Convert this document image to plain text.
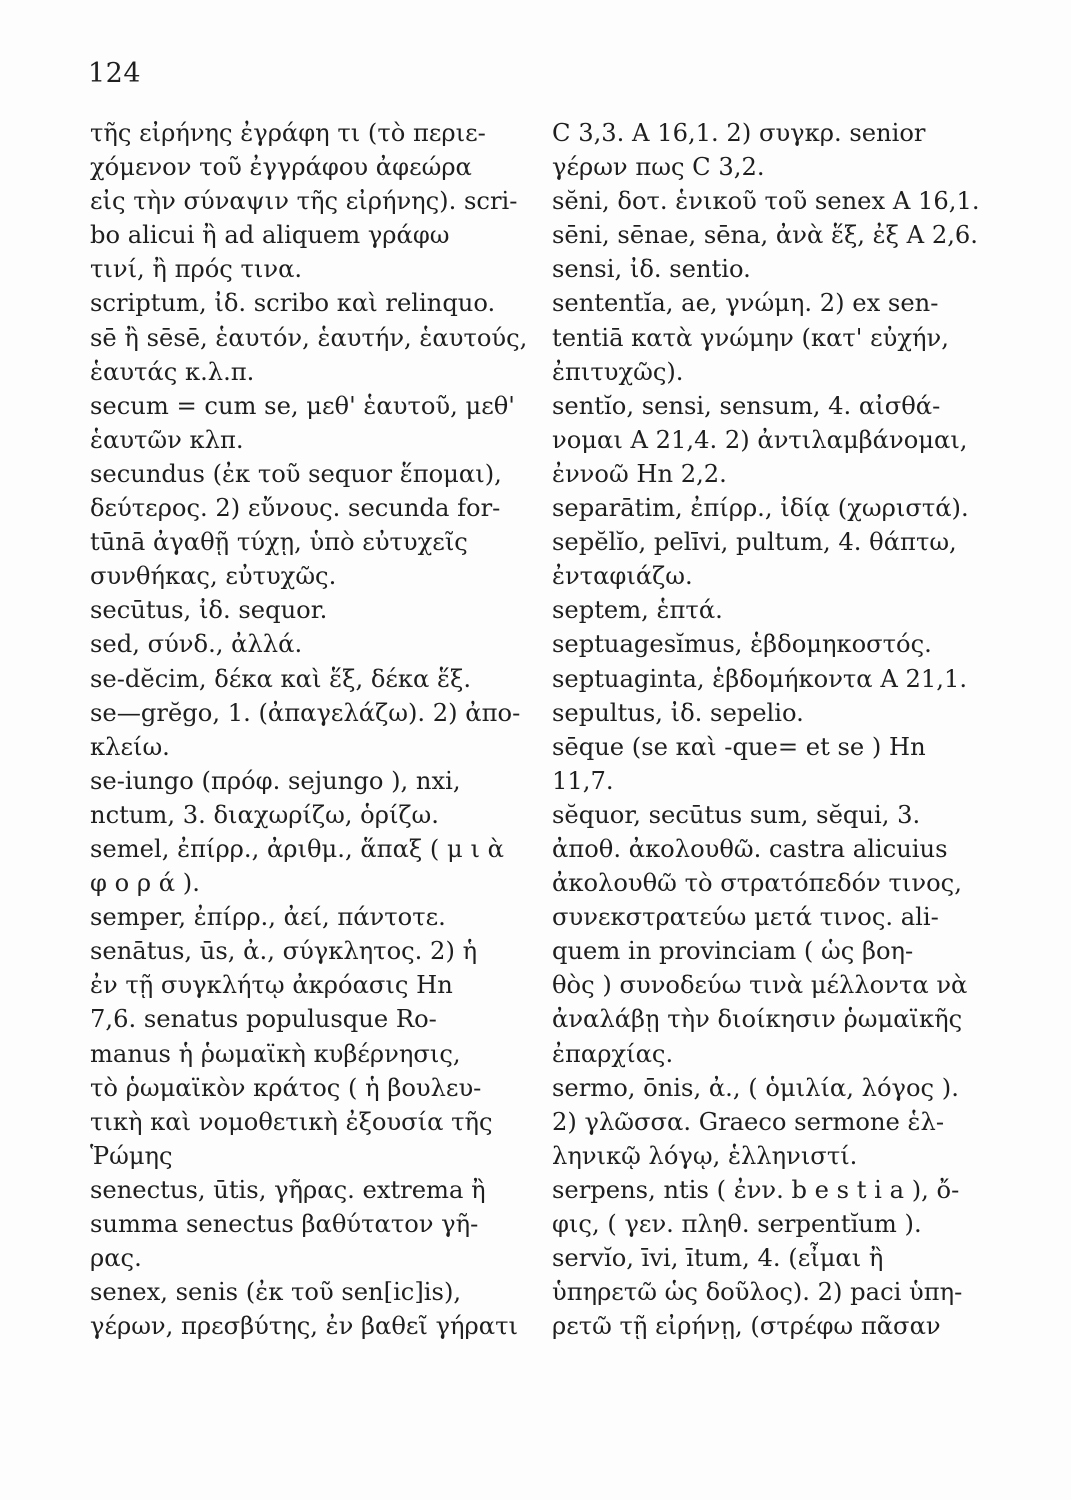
124
τῆς εἰρήνης ἐγράφη τι (τὸ περιε-
χόμενον τοῦ ἐγγράφου ἀφεώρα
εἰς τὴν σύναψιν τῆς εἰρήνης). scri-
bo alicui ἢ ad aliquem γράφω
τινί, ἢ πρός τινα.
scriptum, ἰδ. scribo καὶ relinquo.
sē ἢ sēsē, ἑαυτόν, ἑαυτήν, ἑαυτούς,
ἑαυτάς κ.λ.π.
secum = cum se, μεθ' ἑαυτοῦ, μεθ'
ἑαυτῶν κλπ.
secundus (ἐκ τοῦ sequor ἕπομαι),
δεύτερος. 2) εὔνους. secunda for-
tūnā ἀγαθῇ τύχῃ, ὑπὸ εὐτυχεῖς
συνθήκας, εὐτυχῶς.
secūtus, ἰδ. sequor.
sed, σύνδ., ἀλλά.
se-dĕcim, δέκα καὶ ἕξ, δέκα ἕξ.
se—grĕgo, 1. (ἀπαγελάζω). 2) ἀπο-
κλείω.
se-iungo (πρόφ. sejungo ), nxi,
nctum, 3. διαχωρίζω, ὁρίζω.
semel, ἐπίρρ., ἀριθμ., ἅπαξ ( μ ι ὰ
φ ο ρ ά ).
semper, ἐπίρρ., ἀεί, πάντοτε.
senātus, ūs, ἀ., σύγκλητος. 2) ἡ
ἐν τῇ συγκλήτῳ ἀκρόασις Hn
7,6. senatus populusque Ro-
manus ἡ ῥωμαϊκὴ κυβέρνησις,
τὸ ῥωμαϊκὸν κράτος ( ἡ βουλευ-
τικὴ καὶ νομοθετικὴ ἐξουσία τῆς
Ῥώμης
senectus, ūtis, γῆρας. extrema ἢ
summa senectus βαθύτατον γῆ-
ρας.
senex, senis (ἐκ τοῦ sen[ic]is),
γέρων, πρεσβύτης, ἐν βαθεῖ γήρατι
C 3,3. A 16,1. 2) συγκρ. senior
γέρων πως C 3,2.
sĕni, δοτ. ἑνικοῦ τοῦ senex A 16,1.
sēni, sēnae, sēna, ἀνὰ ἕξ, ἐξ A 2,6.
sensi, ἰδ. sentio.
sententĭa, ae, γνώμη. 2) ex sen-
tentiā κατὰ γνώμην (κατ' εὐχήν,
ἐπιτυχῶς).
sentĭo, sensi, sensum, 4. αἰσθά-
νομαι A 21,4. 2) ἀντιλαμβάνομαι,
ἐννοῶ Hn 2,2.
separātim, ἐπίρρ., ἰδίᾳ (χωριστά).
sepĕlĭo, pelīvi, pultum, 4. θάπτω,
ἐνταφιάζω.
septem, ἑπτά.
septuagesĭmus, ἑβδομηκοστός.
septuaginta, ἑβδομήκοντα A 21,1.
sepultus, ἰδ. sepelio.
sēque (se καὶ -que= et se ) Hn
11,7.
sĕquor, secūtus sum, sĕqui, 3.
ἀποθ. ἀκολουθῶ. castra alicuius
ἀκολουθῶ τὸ στρατόπεδόν τινος,
συνεκστρατεύω μετά τινος. ali-
quem in provinciam ( ὡς βοη-
θὸς ) συνοδεύω τινὰ μέλλοντα νὰ
ἀναλάβῃ τὴν διοίκησιν ῥωμαϊκῆς
ἐπαρχίας.
sermo, ōnis, ἀ., ( ὁμιλία, λόγος ).
2) γλῶσσα. Graeco sermone ἑλ-
ληνικῷ λόγῳ, ἑλληνιστί.
serpens, ntis ( ἐνν. b e s t i a ), ὄ-
φις, ( γεν. πληθ. serpentĭum ).
servĭo, īvi, ītum, 4. (εἶμαι ἢ
ὑπηρετῶ ὡς δοῦλος). 2) paci ὑπη-
ρετῶ τῇ εἰρήνῃ, (στρέφω πᾶσαν
